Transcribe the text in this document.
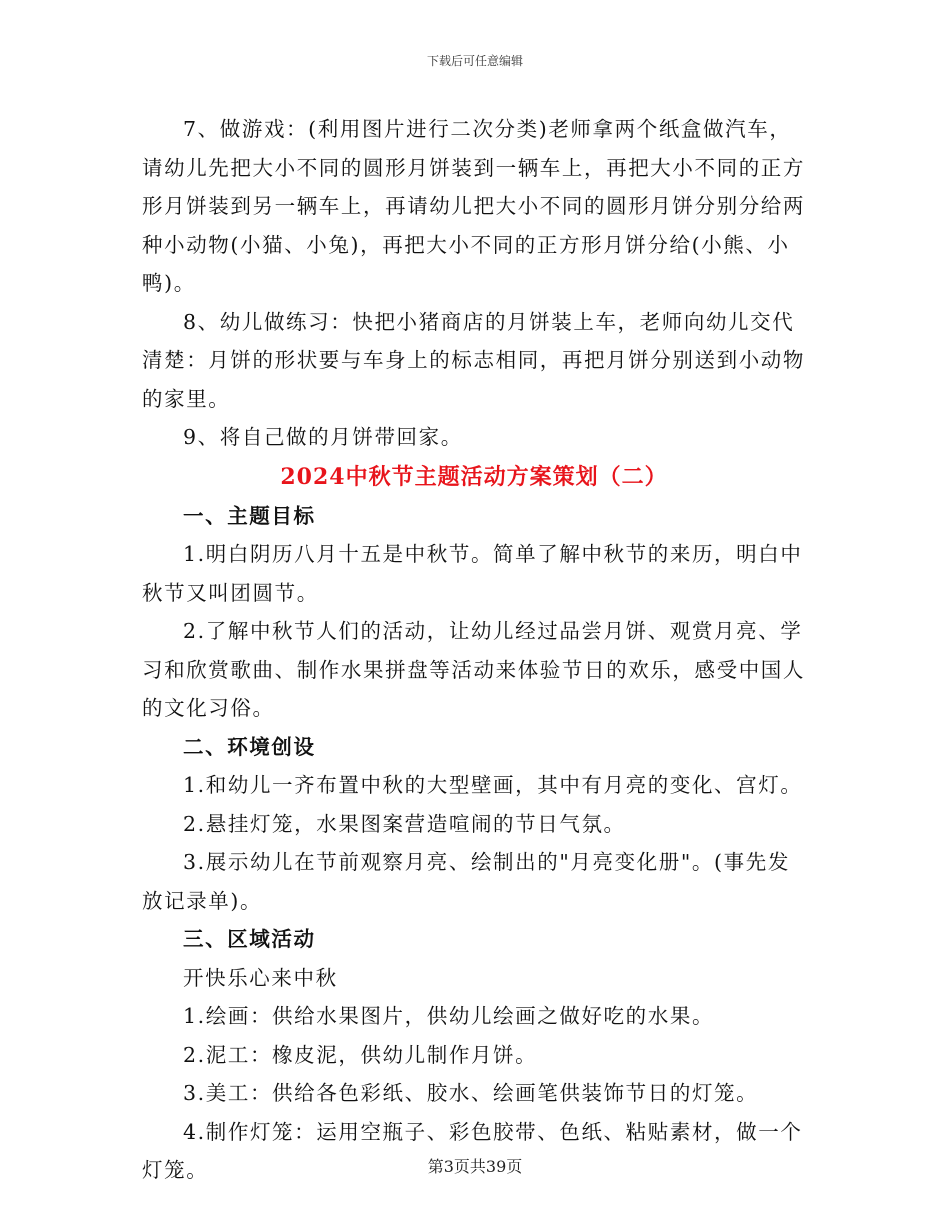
下载后可任意编辑

7、做游戏：(利用图片进行二次分类)老师拿两个纸盒做汽车，请幼儿先把大小不同的圆形月饼装到一辆车上，再把大小不同的正方形月饼装到另一辆车上，再请幼儿把大小不同的圆形月饼分别分给两种小动物(小猫、小兔)，再把大小不同的正方形月饼分给(小熊、小鸭)。

8、幼儿做练习：快把小猪商店的月饼装上车，老师向幼儿交代清楚：月饼的形状要与车身上的标志相同，再把月饼分别送到小动物的家里。

9、将自己做的月饼带回家。

2024中秋节主题活动方案策划（二）

一、主题目标

1.明白阴历八月十五是中秋节。简单了解中秋节的来历，明白中秋节又叫团圆节。

2.了解中秋节人们的活动，让幼儿经过品尝月饼、观赏月亮、学习和欣赏歌曲、制作水果拼盘等活动来体验节日的欢乐，感受中国人的文化习俗。

二、环境创设

1.和幼儿一齐布置中秋的大型壁画，其中有月亮的变化、宫灯。

2.悬挂灯笼，水果图案营造喧闹的节日气氛。

3.展示幼儿在节前观察月亮、绘制出的"月亮变化册"。(事先发放记录单)。

三、区域活动

开快乐心来中秋

1.绘画：供给水果图片，供幼儿绘画之做好吃的水果。

2.泥工：橡皮泥，供幼儿制作月饼。

3.美工：供给各色彩纸、胶水、绘画笔供装饰节日的灯笼。

4.制作灯笼：运用空瓶子、彩色胶带、色纸、粘贴素材，做一个灯笼。	第3页共39页
